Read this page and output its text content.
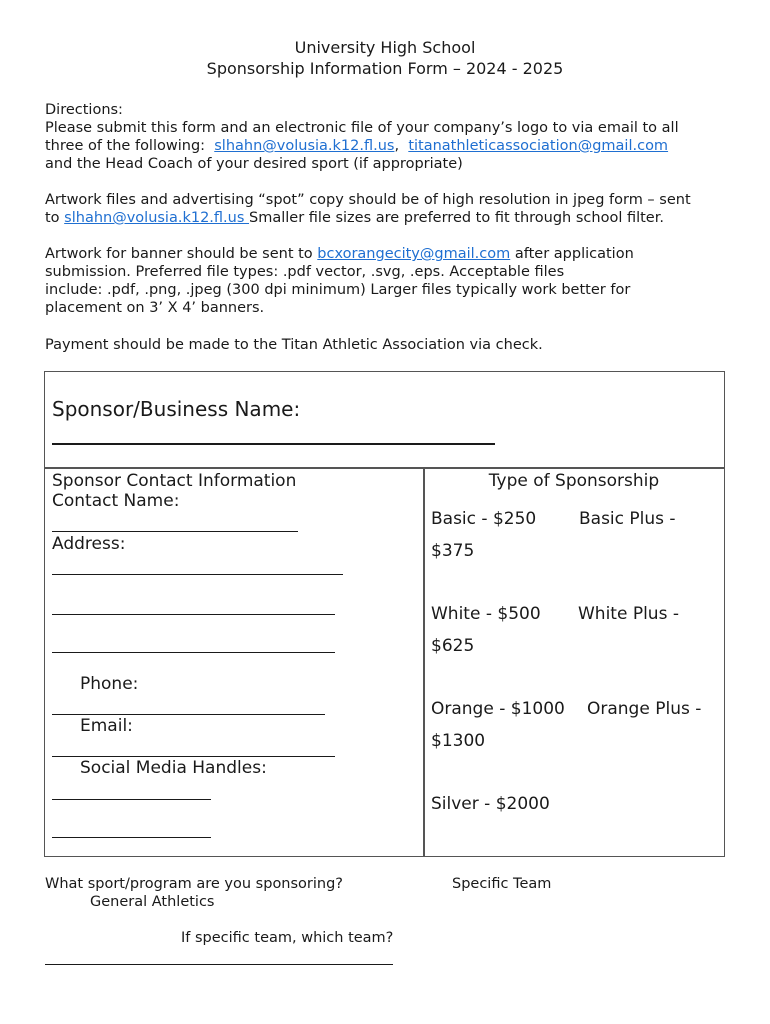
University High School
Sponsorship Information Form – 2024 - 2025
Directions:
Please submit this form and an electronic file of your company’s logo to via email to all
three of the following:  slhahn@volusia.k12.fl.us,  titanathleticassociation@gmail.com
and the Head Coach of your desired sport (if appropriate)
Artwork files and advertising “spot” copy should be of high resolution in jpeg form – sent
to slhahn@volusia.k12.fl.us Smaller file sizes are preferred to fit through school filter.
Artwork for banner should be sent to bcxorangecity@gmail.com after application
submission. Preferred file types: .pdf vector, .svg, .eps. Acceptable files
include: .pdf, .png, .jpeg (300 dpi minimum) Larger files typically work better for
placement on 3’ X 4’ banners.
Payment should be made to the Titan Athletic Association via check.
Sponsor/Business Name:
Sponsor Contact Information
Contact Name:
Address:
Phone:
Email:
Social Media Handles:
Type of Sponsorship
Basic - $250	Basic Plus -
$375
White - $500 White Plus -
$625
Orange - $1000 Orange Plus -
$1300
Silver - $2000
What sport/program are you sponsoring?	Specific Team
General Athletics
If specific team, which team?
